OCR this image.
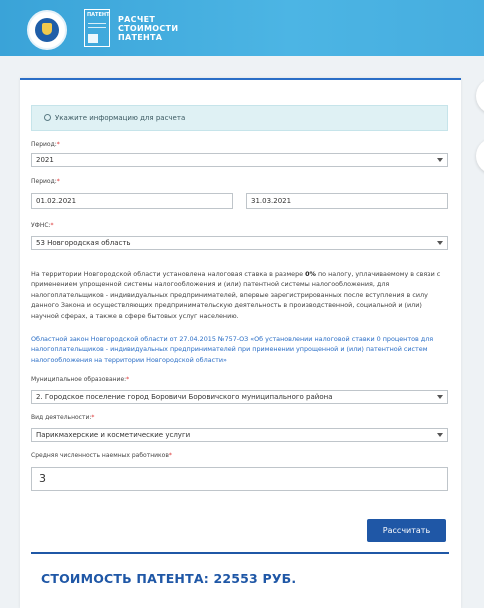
ПАТЕНТ РАСЧЕТ
СТОИМОСТИ
ПАТЕНТА
Укажите информацию для расчета
Период:*
2021
Период:*
01.02.2021	31.03.2021
УФНС:*
53 Новгородская область
На территории Новгородской области установлена налоговая ставка в размере 0% по налогу, уплачиваемому в связи с применением упрощенной системы налогообложения и (или) патентной системы налогообложения, для налогоплательщиков - индивидуальных предпринимателей, впервые зарегистрированных после вступления в силу данного Закона и осуществляющих предпринимательскую деятельность в производственной, социальной и (или) научной сферах, а также в сфере бытовых услуг населению.
Областной закон Новгородской области от 27.04.2015 №757-ОЗ «Об установлении налоговой ставки 0 процентов для налогоплательщиков - индивидуальных предпринимателей при применении упрощенной и (или) патентной систем налогообложения на территории Новгородской области»
Муниципальное образование:*
2. Городское поселение город Боровичи Боровичского муниципального района
Вид деятельности:*
Парикмахерские и косметические услуги
Средняя численность наемных работников*
3
Рассчитать
СТОИМОСТЬ ПАТЕНТА: 22553 РУБ.
